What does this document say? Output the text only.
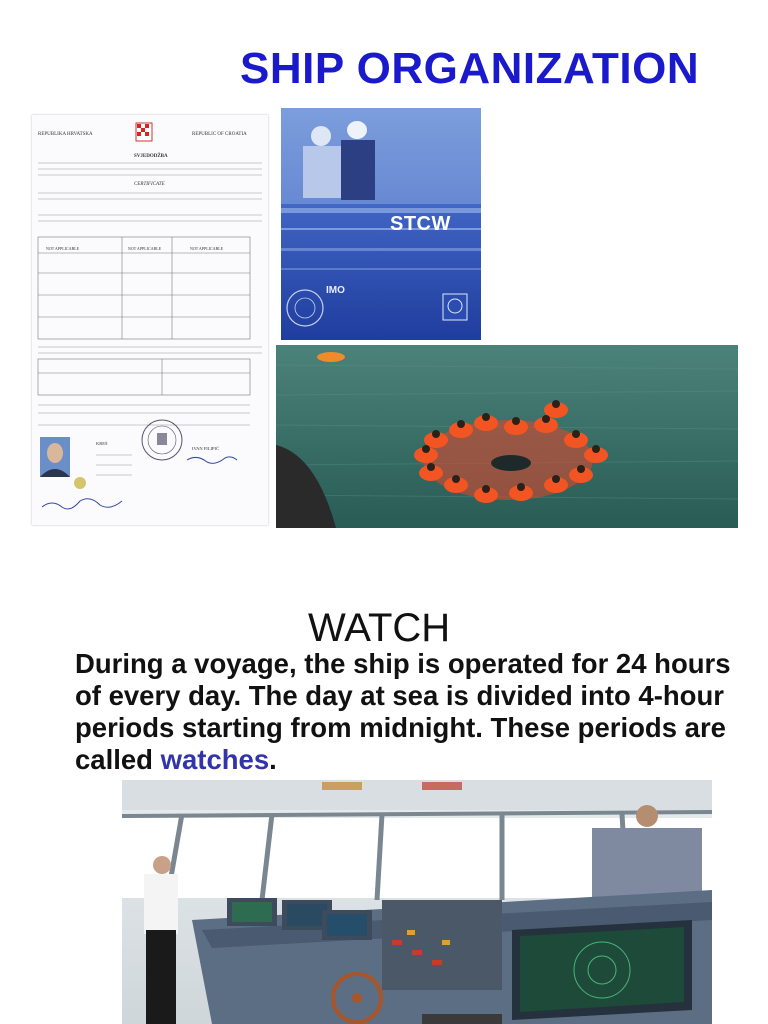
SHIP ORGANIZATION
REPUBLIKA HRVATSKA	REPUBLIC OF CROATIA
SVJEDODŽBA
CERTIFICATE
NOT APPLICABLE	NOT APPLICABLE	NOT APPLICABLE
KREŠ
IVAN FILIPIĆ
STCW
IMO
WATCH
During a voyage, the ship is operated for 24 hours of every day. The day at sea is divided into 4-hour periods starting from midnight. These periods are called watches.
